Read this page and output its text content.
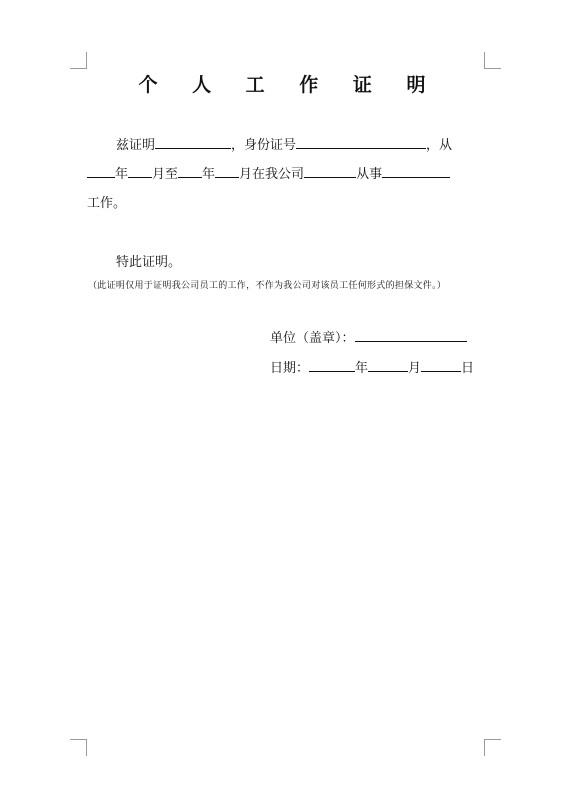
个 人 工 作 证 明
兹证明	，身份证号	，从
年 月至 年 月在我公司	从事
工作。
特此证明。
（此证明仅用于证明我公司员工的工作，不作为我公司对该员工任何形式的担保文件。）
单位（盖章）：
日期：	年	月	日
